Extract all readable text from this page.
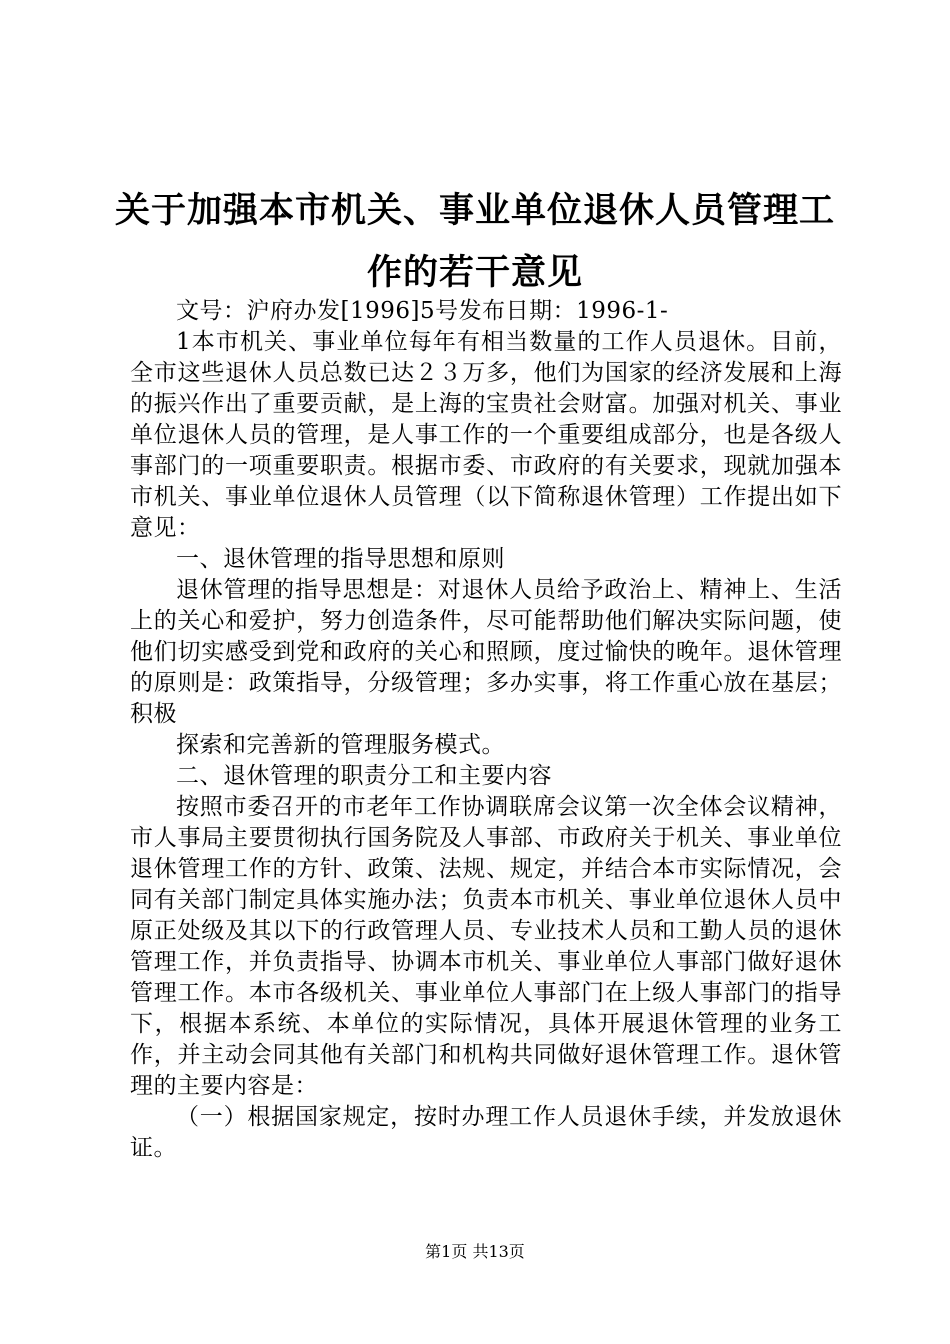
关于加强本市机关、事业单位退休人员管理工
作的若干意见

文号：沪府办发[1996]5号发布日期：1996-1-

1本市机关、事业单位每年有相当数量的工作人员退休。目前，全市这些退休人员总数已达２３万多，他们为国家的经济发展和上海的振兴作出了重要贡献，是上海的宝贵社会财富。加强对机关、事业单位退休人员的管理，是人事工作的一个重要组成部分，也是各级人事部门的一项重要职责。根据市委、市政府的有关要求，现就加强本市机关、事业单位退休人员管理（以下简称退休管理）工作提出如下意见：

一、退休管理的指导思想和原则

退休管理的指导思想是：对退休人员给予政治上、精神上、生活上的关心和爱护，努力创造条件，尽可能帮助他们解决实际问题，使他们切实感受到党和政府的关心和照顾，度过愉快的晚年。退休管理的原则是：政策指导，分级管理；多办实事，将工作重心放在基层；积极

探索和完善新的管理服务模式。

二、退休管理的职责分工和主要内容

按照市委召开的市老年工作协调联席会议第一次全体会议精神，市人事局主要贯彻执行国务院及人事部、市政府关于机关、事业单位退休管理工作的方针、政策、法规、规定，并结合本市实际情况，会同有关部门制定具体实施办法；负责本市机关、事业单位退休人员中原正处级及其以下的行政管理人员、专业技术人员和工勤人员的退休管理工作，并负责指导、协调本市机关、事业单位人事部门做好退休管理工作。本市各级机关、事业单位人事部门在上级人事部门的指导下，根据本系统、本单位的实际情况，具体开展退休管理的业务工作，并主动会同其他有关部门和机构共同做好退休管理工作。退休管理的主要内容是：

（一）根据国家规定，按时办理工作人员退休手续，并发放退休证。

第1页 共13页
